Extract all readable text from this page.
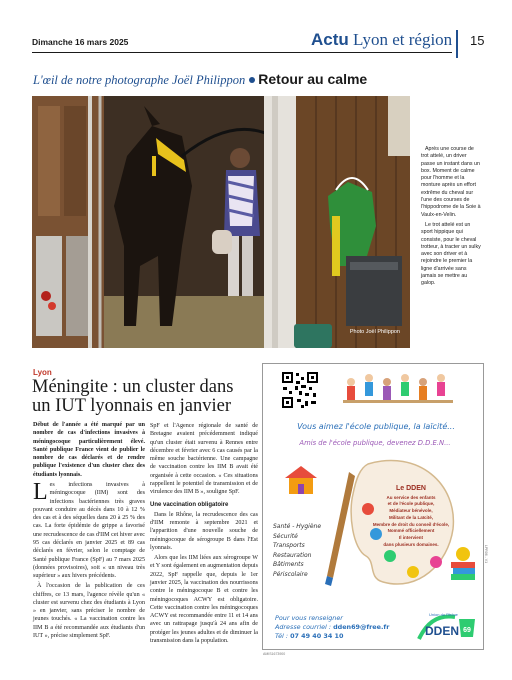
Dimanche 16 mars 2025	Actu Lyon et région 15
L'œil de notre photographe Joël Philippon Retour au calme
Photo Joël Philippon

Après une course de trot attelé, un driver passe un instant dans un box. Moment de calme pour l'homme et la monture après un effort extrême du cheval sur l'une des courses de l'hippodrome de la Soie à Vaulx-en-Velin.

Le trot attelé est un sport hippique qui consiste, pour le cheval trotteur, à tracter un sulky avec son driver et à rejoindre le premier la ligne d'arrivée sans jamais se mettre au galop.

Lyon
Méningite : un cluster dans un IUT lyonnais en janvier

Début de l'année a été marqué par un nombre de cas d'infections invasives à méningocoque particulièrement élevé. Santé publique France vient de publier le nombre de cas déclarés et de rendre publique l'existence d'un cluster chez des étudiants lyonnais.

Les infections invasives à méningocoque (IIM) sont des infections bactériennes très graves pouvant conduire au décès dans 10 à 12 % des cas et à des séquelles dans 20 à 25 % des cas. La forte épidémie de grippe a favorisé une recrudescence de cas d'IIM cet hiver avec 95 cas déclarés en janvier 2025 et 89 cas déclarés en février, selon le comptage de Santé publique France (SpF) au 7 mars 2025 (données provisoires), soit « un niveau très supérieur » aux hivers précédents.

À l'occasion de la publication de ces chiffres, ce 13 mars, l'agence révèle qu'un « cluster est survenu chez des étudiants à Lyon » en janvier, sans préciser le nombre de jeunes touchés. « La vaccination contre les IIM B a été recommandée aux étudiants d'un IUT », précise simplement SpF.

SpF et l'Agence régionale de santé de Bretagne avaient précédemment indiqué qu'un cluster était survenu à Rennes entre décembre et février avec 6 cas causés par la même souche bactérienne. Une campagne de vaccination contre les IIM B avait été organisée à cette occasion. « Ces situations rappellent le potentiel de transmission et de virulence des IIM B », souligne SpF.

Une vaccination obligatoire

Dans le Rhône, la recrudescence des cas d'IIM remonte à septembre 2021 et l'apparition d'une nouvelle souche de méningocoque de sérogroupe B dans l'Est lyonnais.

Alors que les IIM liées aux sérogroupe W et Y sont également en augmentation depuis 2022, SpF rappelle que, depuis le 1er janvier 2025, la vaccination des nourrissons contre le méningocoque B et contre les méningocoques ACWY est obligatoire. Cette vaccination contre les méningocoques ACWY est recommandée entre 11 et 14 ans avec un rattrapage jusqu'à 24 ans afin de protéger les jeunes adultes et de diminuer la transmission dans la population.

Vous aimez l'école publique, la laïcité...
Amis de l'école publique, devenez D.D.E.N...
Le DDEN
Au service des enfants
et de l'école publique,
Médiateur bénévole,
Militant de la Laïcité,
Membre de droit du conseil d'école,
Nommé officiellement
Il intervient
dans plusieurs domaines.
Santé - Hygiène
Sécurité
Transports
Restauration
Bâtiments
Périscolaire
Pour vous renseigner
Adresse courriel : dden69@free.fr
Tél : 07 49 40 34 10
69
Union du Rhône
DDEN
AMIS1673900
LPR06 - V1
